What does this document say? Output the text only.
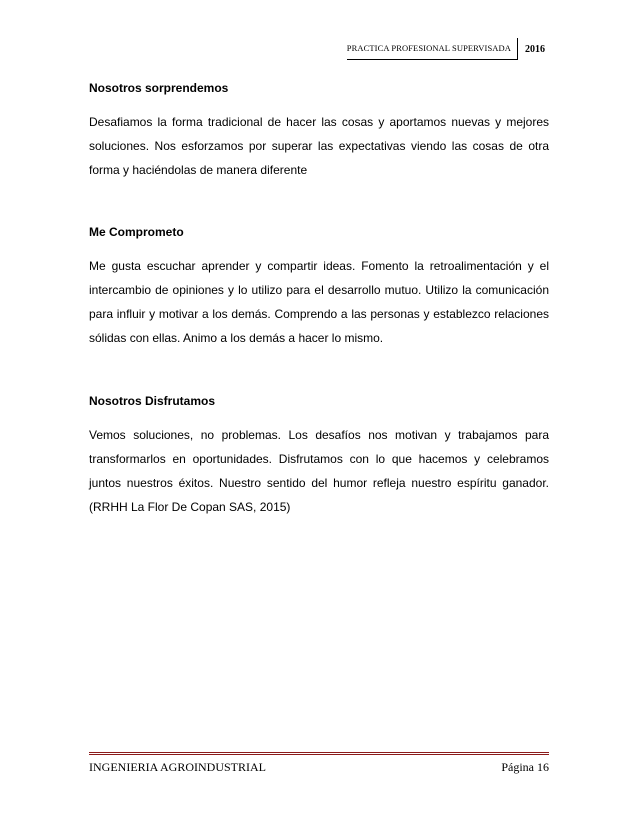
PRACTICA PROFESIONAL SUPERVISADA	2016

Nosotros sorprendemos

Desafiamos la forma tradicional de hacer las cosas y aportamos nuevas y mejores soluciones. Nos esforzamos por superar las expectativas viendo las cosas de otra forma y haciéndolas de manera diferente

Me Comprometo

Me gusta escuchar aprender y compartir ideas. Fomento la retroalimentación y el intercambio de opiniones y lo utilizo para el desarrollo mutuo. Utilizo la comunicación para influir y motivar a los demás. Comprendo a las personas y establezco relaciones sólidas con ellas. Animo a los demás a hacer lo mismo.

Nosotros Disfrutamos

Vemos soluciones, no problemas. Los desafíos nos motivan y trabajamos para transformarlos en oportunidades. Disfrutamos con lo que hacemos y celebramos juntos nuestros éxitos. Nuestro sentido del humor refleja nuestro espíritu ganador. (RRHH La Flor De Copan SAS, 2015)

INGENIERIA AGROINDUSTRIAL	Página 16
